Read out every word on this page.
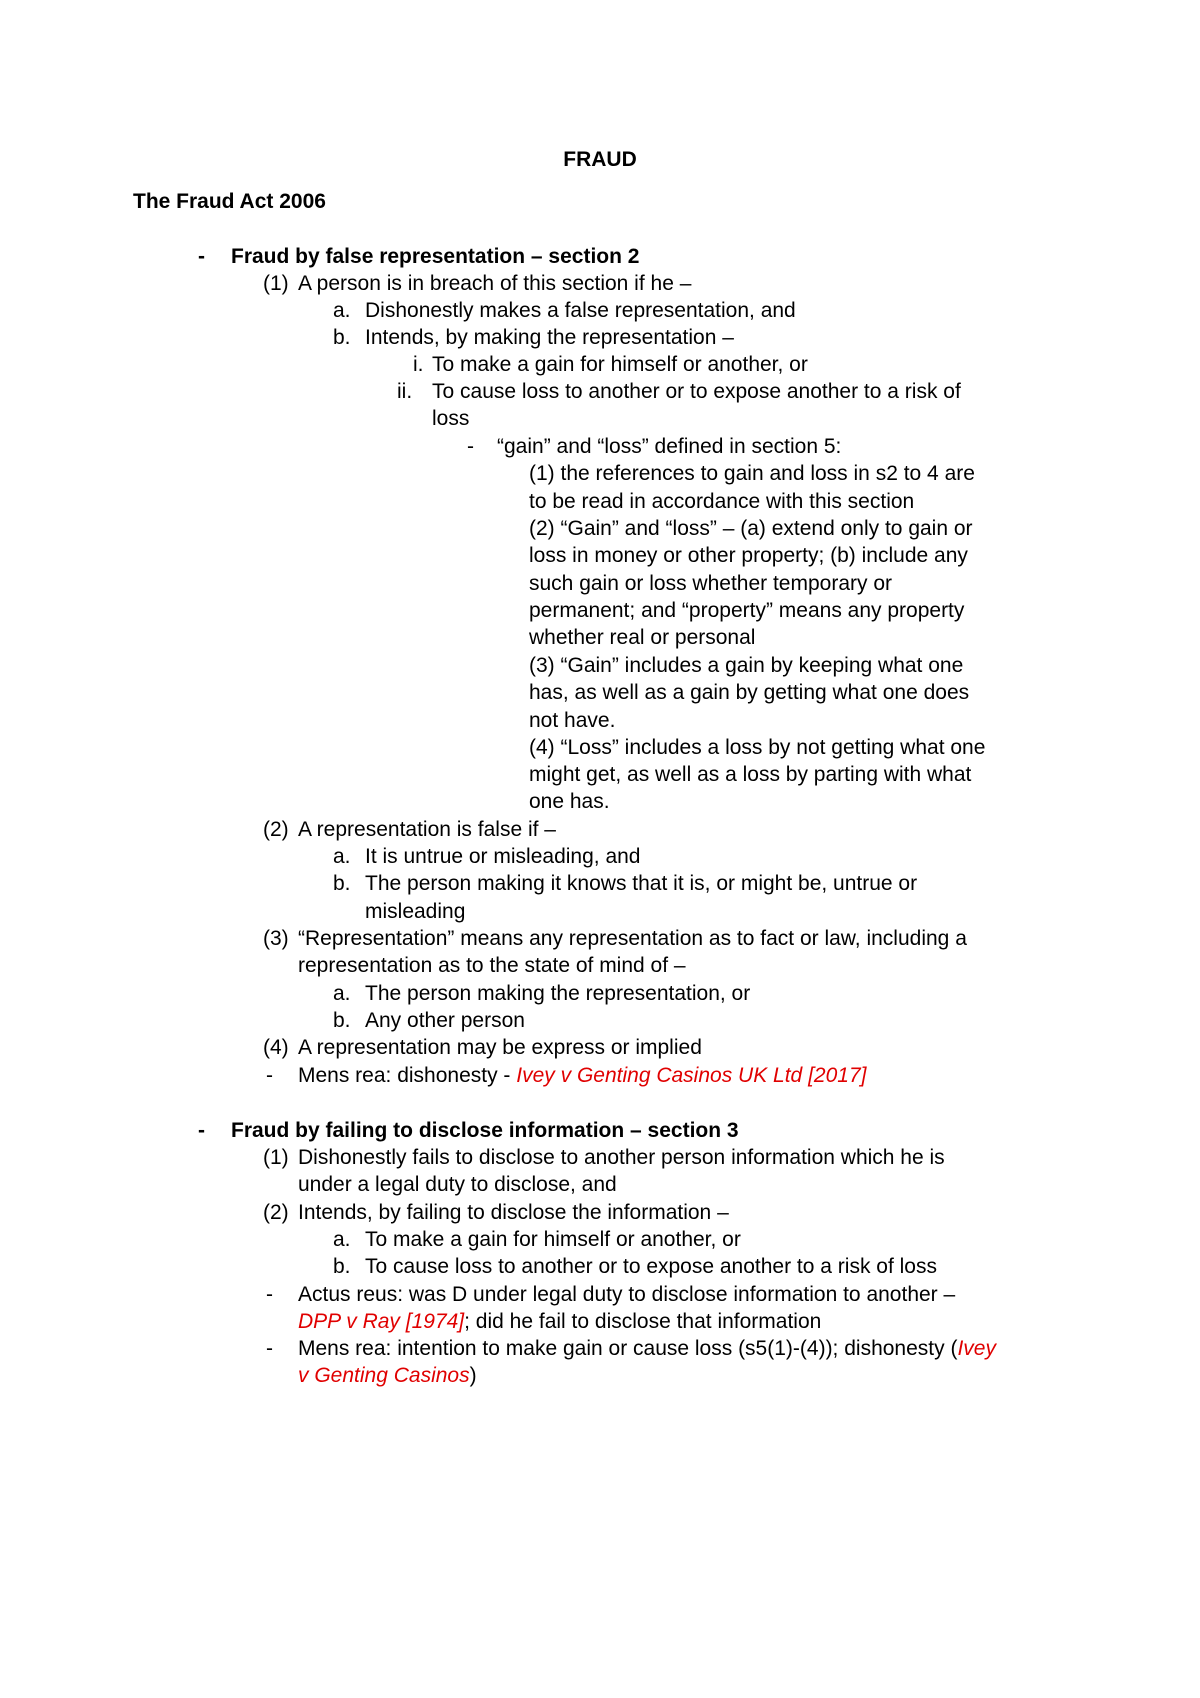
FRAUD
The Fraud Act 2006
- Fraud by false representation – section 2
(1) A person is in breach of this section if he –
a. Dishonestly makes a false representation, and
b. Intends, by making the representation –
i. To make a gain for himself or another, or
ii. To cause loss to another or to expose another to a risk of
loss
- “gain” and “loss” defined in section 5:
(1) the references to gain and loss in s2 to 4 are
to be read in accordance with this section
(2) “Gain” and “loss” – (a) extend only to gain or
loss in money or other property; (b) include any
such gain or loss whether temporary or
permanent; and “property” means any property
whether real or personal
(3) “Gain” includes a gain by keeping what one
has, as well as a gain by getting what one does
not have.
(4) “Loss” includes a loss by not getting what one
might get, as well as a loss by parting with what
one has.
(2) A representation is false if –
a. It is untrue or misleading, and
b. The person making it knows that it is, or might be, untrue or
misleading
(3) “Representation” means any representation as to fact or law, including a
representation as to the state of mind of –
a. The person making the representation, or
b. Any other person
(4) A representation may be express or implied
- Mens rea: dishonesty - Ivey v Genting Casinos UK Ltd [2017]
- Fraud by failing to disclose information – section 3
(1) Dishonestly fails to disclose to another person information which he is
under a legal duty to disclose, and
(2) Intends, by failing to disclose the information –
a. To make a gain for himself or another, or
b. To cause loss to another or to expose another to a risk of loss
- Actus reus: was D under legal duty to disclose information to another –
DPP v Ray [1974]; did he fail to disclose that information
- Mens rea: intention to make gain or cause loss (s5(1)-(4)); dishonesty (Ivey
v Genting Casinos)
